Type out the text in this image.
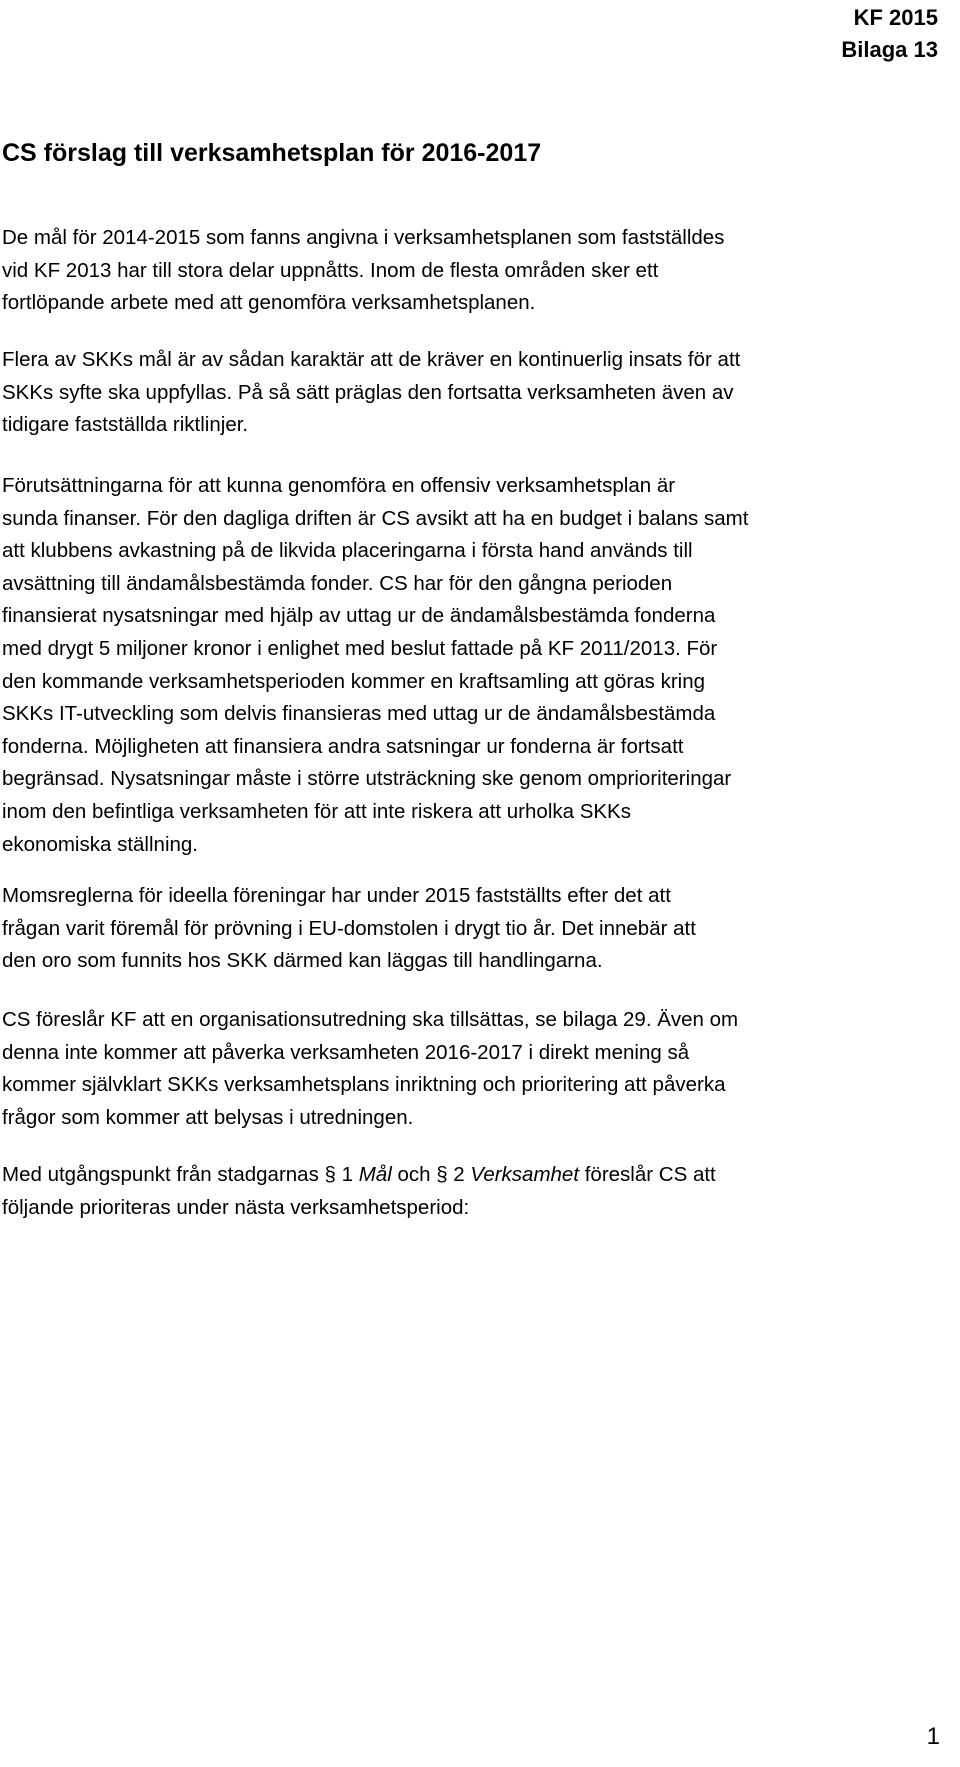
KF 2015
Bilaga 13
CS förslag till verksamhetsplan för 2016-2017

De mål för 2014-2015 som fanns angivna i verksamhetsplanen som fastställdes
vid KF 2013 har till stora delar uppnåtts. Inom de flesta områden sker ett
fortlöpande arbete med att genomföra verksamhetsplanen.

Flera av SKKs mål är av sådan karaktär att de kräver en kontinuerlig insats för att
SKKs syfte ska uppfyllas. På så sätt präglas den fortsatta verksamheten även av
tidigare fastställda riktlinjer.

Förutsättningarna för att kunna genomföra en offensiv verksamhetsplan är
sunda finanser. För den dagliga driften är CS avsikt att ha en budget i balans samt
att klubbens avkastning på de likvida placeringarna i första hand används till
avsättning till ändamålsbestämda fonder. CS har för den gångna perioden
finansierat nysatsningar med hjälp av uttag ur de ändamålsbestämda fonderna
med drygt 5 miljoner kronor i enlighet med beslut fattade på KF 2011/2013. För
den kommande verksamhetsperioden kommer en kraftsamling att göras kring
SKKs IT-utveckling som delvis finansieras med uttag ur de ändamålsbestämda
fonderna. Möjligheten att finansiera andra satsningar ur fonderna är fortsatt
begränsad. Nysatsningar måste i större utsträckning ske genom omprioriteringar
inom den befintliga verksamheten för att inte riskera att urholka SKKs
ekonomiska ställning.

Momsreglerna för ideella föreningar har under 2015 fastställts efter det att
frågan varit föremål för prövning i EU-domstolen i drygt tio år. Det innebär att
den oro som funnits hos SKK därmed kan läggas till handlingarna.

CS föreslår KF att en organisationsutredning ska tillsättas, se bilaga 29. Även om
denna inte kommer att påverka verksamheten 2016-2017 i direkt mening så
kommer självklart SKKs verksamhetsplans inriktning och prioritering att påverka
frågor som kommer att belysas i utredningen.

Med utgångspunkt från stadgarnas § 1 Mål och § 2 Verksamhet föreslår CS att
följande prioriteras under nästa verksamhetsperiod:

1
